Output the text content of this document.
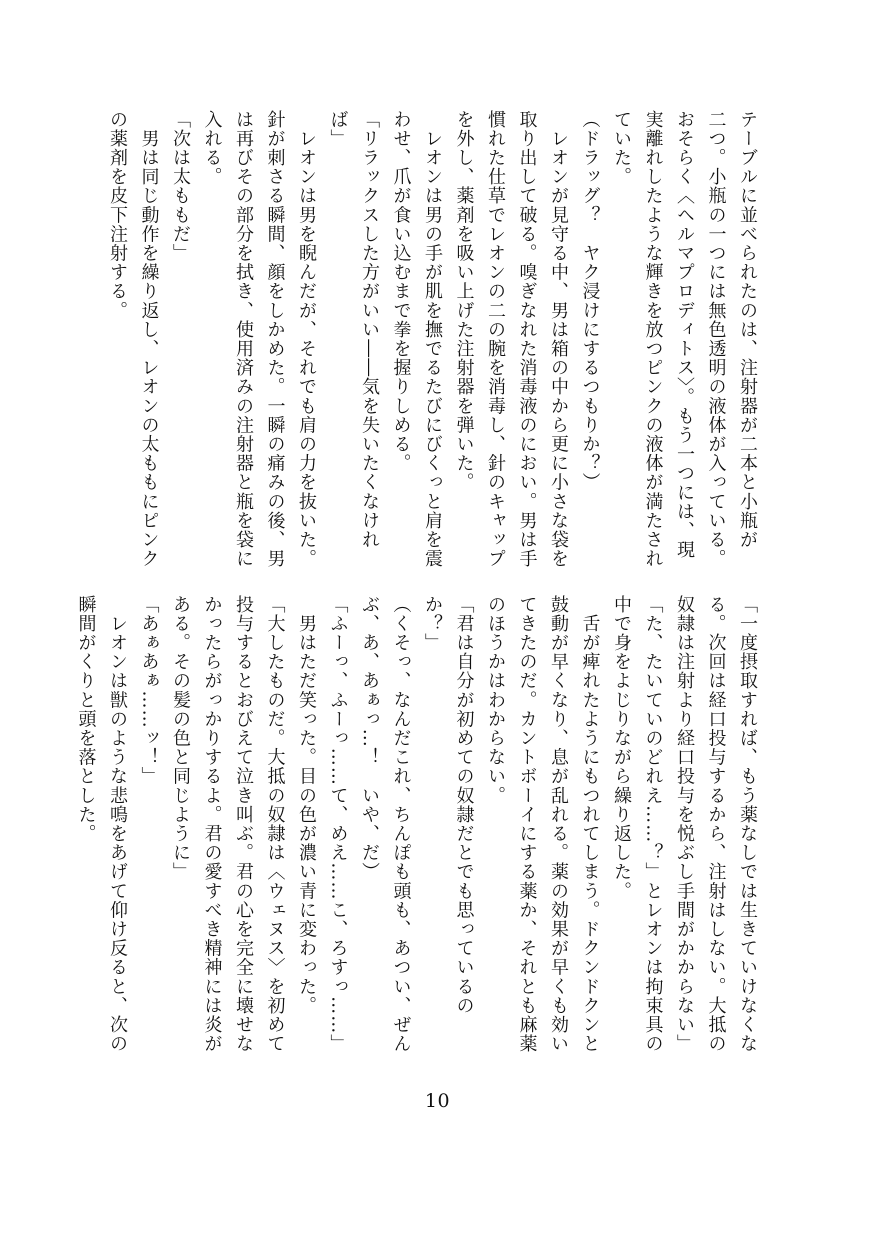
テーブルに並べられたのは、注射器が二本と小瓶が
二つ。小瓶の一つには無色透明の液体が入っている。
おそらく〈ヘルマプロディトス〉。もう一つには、現
実離れしたような輝きを放つピンクの液体が満たされ
ていた。
（ドラッグ？　ヤク浸けにするつもりか？）
　レオンが見守る中、男は箱の中から更に小さな袋を
取り出して破る。嗅ぎなれた消毒液のにおい。男は手
慣れた仕草でレオンの二の腕を消毒し、針のキャップ
を外し、薬剤を吸い上げた注射器を弾いた。
　レオンは男の手が肌を撫でるたびにびくっと肩を震
わせ、爪が食い込むまで拳を握りしめる。
「リラックスした方がいい――気を失いたくなけれ
ば」
　レオンは男を睨んだが、それでも肩の力を抜いた。
針が刺さる瞬間、顔をしかめた。一瞬の痛みの後、男
は再びその部分を拭き、使用済みの注射器と瓶を袋に
入れる。
「次は太ももだ」
　男は同じ動作を繰り返し、レオンの太ももにピンク
の薬剤を皮下注射する。
「一度摂取すれば、もう薬なしでは生きていけなくな
る。次回は経口投与するから、注射はしない。大抵の
奴隷は注射より経口投与を悦ぶし手間がかからない」
「た、たいていのどれえ……？」とレオンは拘束具の
中で身をよじりながら繰り返した。
　舌が痺れたようにもつれてしまう。ドクンドクンと
鼓動が早くなり、息が乱れる。薬の効果が早くも効い
てきたのだ。カントボーイにする薬か、それとも麻薬
のほうかはわからない。
「君は自分が初めての奴隷だとでも思っているの
か？」
（くそっ、なんだこれ、ちんぽも頭も、あつい、ぜん
ぶ、あ、あぁっ…！　いや、だ）
「ふーっ、ふーっ……て、めえ……こ、ろすっ……」
　男はただ笑った。目の色が濃い青に変わった。
「大したものだ。大抵の奴隷は〈ウェヌス〉を初めて
投与するとおびえて泣き叫ぶ。君の心を完全に壊せな
かったらがっかりするよ。君の愛すべき精神には炎が
ある。その髪の色と同じように」
「あぁあぁ……ッ！」
　レオンは獣のような悲鳴をあげて仰け反ると、次の
瞬間がくりと頭を落とした。
10
